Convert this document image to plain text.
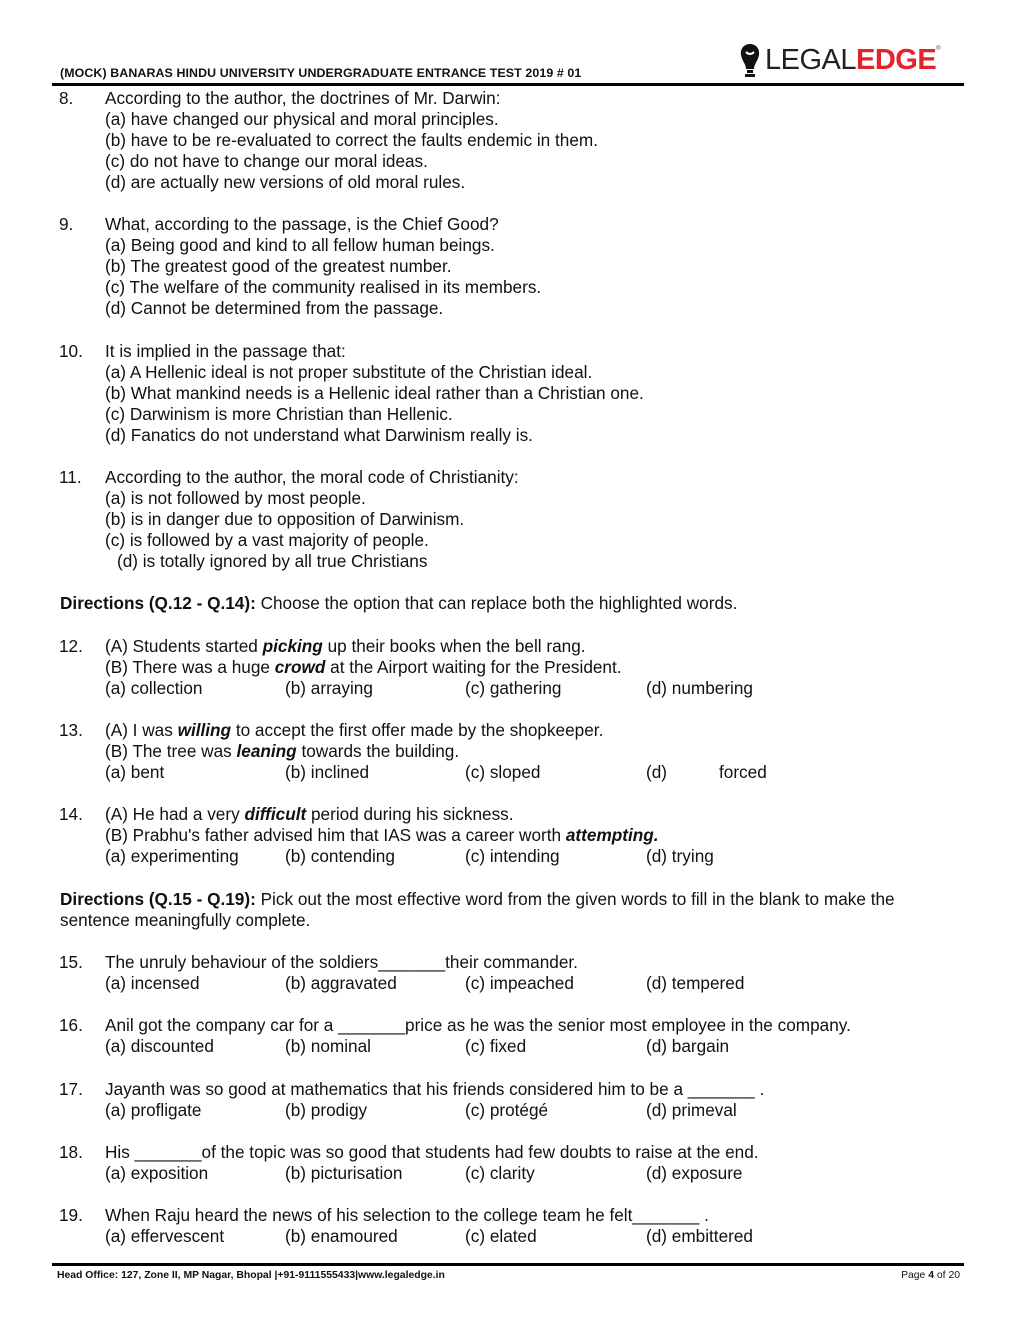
(MOCK) BANARAS HINDU UNIVERSITY UNDERGRADUATE ENTRANCE TEST 2019 # 01	LEGALEDGE®
8. According to the author, the doctrines of Mr. Darwin:
(a) have changed our physical and moral principles.
(b) have to be re-evaluated to correct the faults endemic in them.
(c) do not have to change our moral ideas.
(d) are actually new versions of old moral rules.
9. What, according to the passage, is the Chief Good?
(a) Being good and kind to all fellow human beings.
(b) The greatest good of the greatest number.
(c) The welfare of the community realised in its members.
(d) Cannot be determined from the passage.
10. It is implied in the passage that:
(a) A Hellenic ideal is not proper substitute of the Christian ideal.
(b) What mankind needs is a Hellenic ideal rather than a Christian one.
(c) Darwinism is more Christian than Hellenic.
(d) Fanatics do not understand what Darwinism really is.
11. According to the author, the moral code of Christianity:
(a) is not followed by most people.
(b) is in danger due to opposition of Darwinism.
(c) is followed by a vast majority of people.
(d) is totally ignored by all true Christians
Directions (Q.12 - Q.14): Choose the option that can replace both the highlighted words.
12. (A) Students started picking up their books when the bell rang.
(B) There was a huge crowd at the Airport waiting for the President.
(a) collection	(b) arraying	(c) gathering	(d) numbering
13. (A) I was willing to accept the first offer made by the shopkeeper.
(B) The tree was leaning towards the building.
(a) bent	(b) inclined	(c) sloped	(d)	forced
14. (A) He had a very difficult period during his sickness.
(B) Prabhu's father advised him that IAS was a career worth attempting.
(a) experimenting	(b) contending	(c) intending	(d) trying
Directions (Q.15 - Q.19): Pick out the most effective word from the given words to fill in the blank to make the sentence meaningfully complete.
15. The unruly behaviour of the soldiers_______their commander.
(a) incensed	(b) aggravated	(c) impeached	(d) tempered
16. Anil got the company car for a _______price as he was the senior most employee in the company.
(a) discounted	(b) nominal	(c) fixed	(d) bargain
17. Jayanth was so good at mathematics that his friends considered him to be a _______ .
(a) profligate	(b) prodigy	(c) protégé	(d) primeval
18. His _______of the topic was so good that students had few doubts to raise at the end.
(a) exposition	(b) picturisation	(c) clarity	(d) exposure
19. When Raju heard the news of his selection to the college team he felt_______ .
(a) effervescent	(b) enamoured	(c) elated	(d) embittered
Head Office: 127, Zone II, MP Nagar, Bhopal |+91-9111555433|www.legaledge.in	Page 4 of 20
